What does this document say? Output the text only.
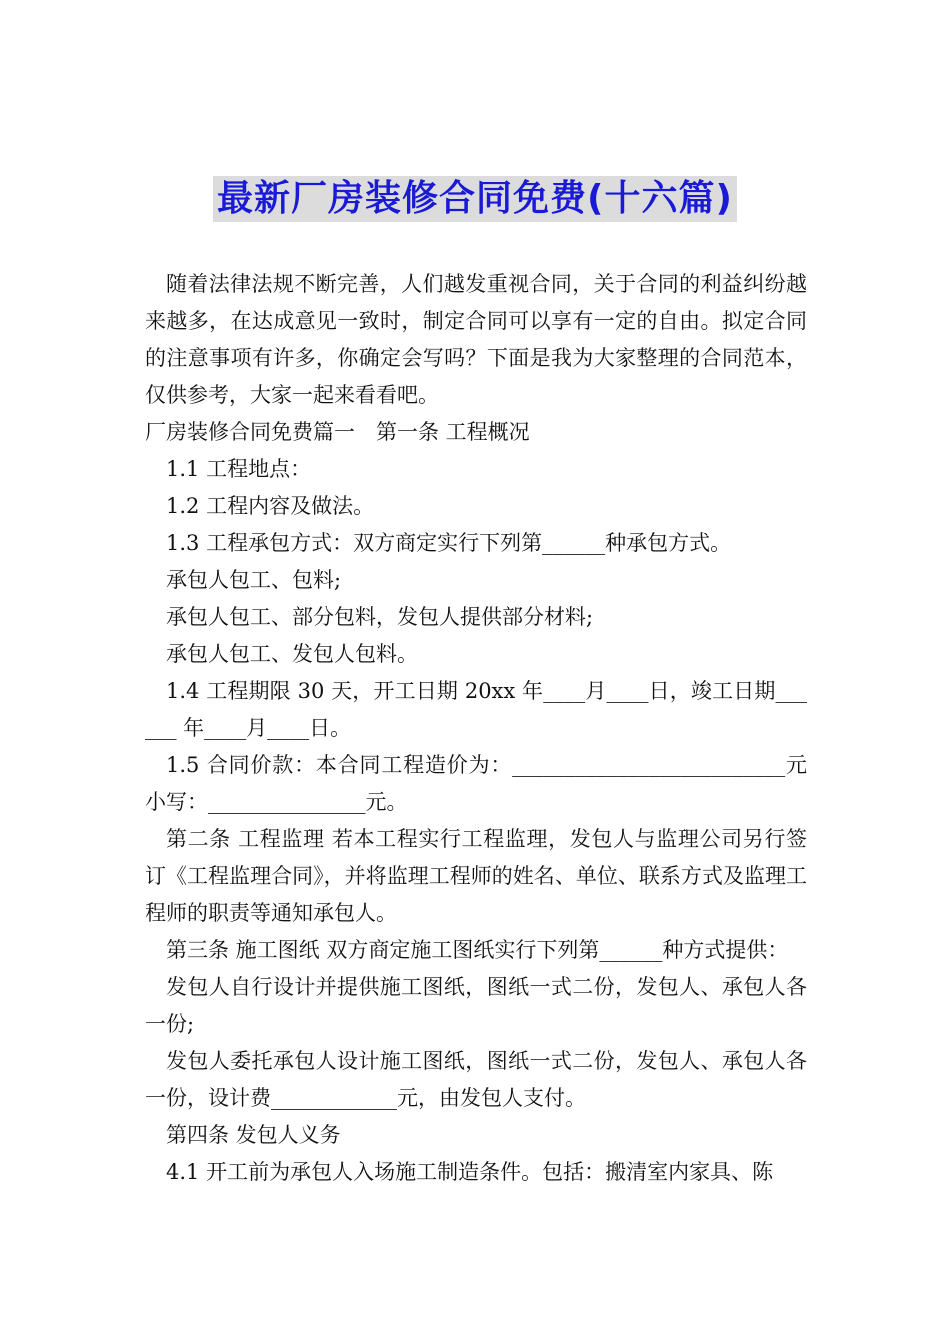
最新厂房装修合同免费(十六篇)

随着法律法规不断完善，人们越发重视合同，关于合同的利益纠纷越来越多，在达成意见一致时，制定合同可以享有一定的自由。拟定合同的注意事项有许多，你确定会写吗？下面是我为大家整理的合同范本，仅供参考，大家一起来看看吧。

厂房装修合同免费篇一　第一条 工程概况

1.1 工程地点：

1.2 工程内容及做法。

1.3 工程承包方式：双方商定实行下列第______种承包方式。

承包人包工、包料;

承包人包工、部分包料，发包人提供部分材料;

承包人包工、发包人包料。

1.4 工程期限 30 天，开工日期 20xx 年____月____日，竣工日期______ 年____月____日。

1.5 合同价款：本合同工程造价为：__________________________元小写：_______________元。

第二条 工程监理 若本工程实行工程监理，发包人与监理公司另行签订《工程监理合同》，并将监理工程师的姓名、单位、联系方式及监理工程师的职责等通知承包人。

第三条 施工图纸 双方商定施工图纸实行下列第______种方式提供：

发包人自行设计并提供施工图纸，图纸一式二份，发包人、承包人各一份;

发包人委托承包人设计施工图纸，图纸一式二份，发包人、承包人各一份，设计费____________元，由发包人支付。

第四条 发包人义务

4.1 开工前为承包人入场施工制造条件。包括：搬清室内家具、陈
